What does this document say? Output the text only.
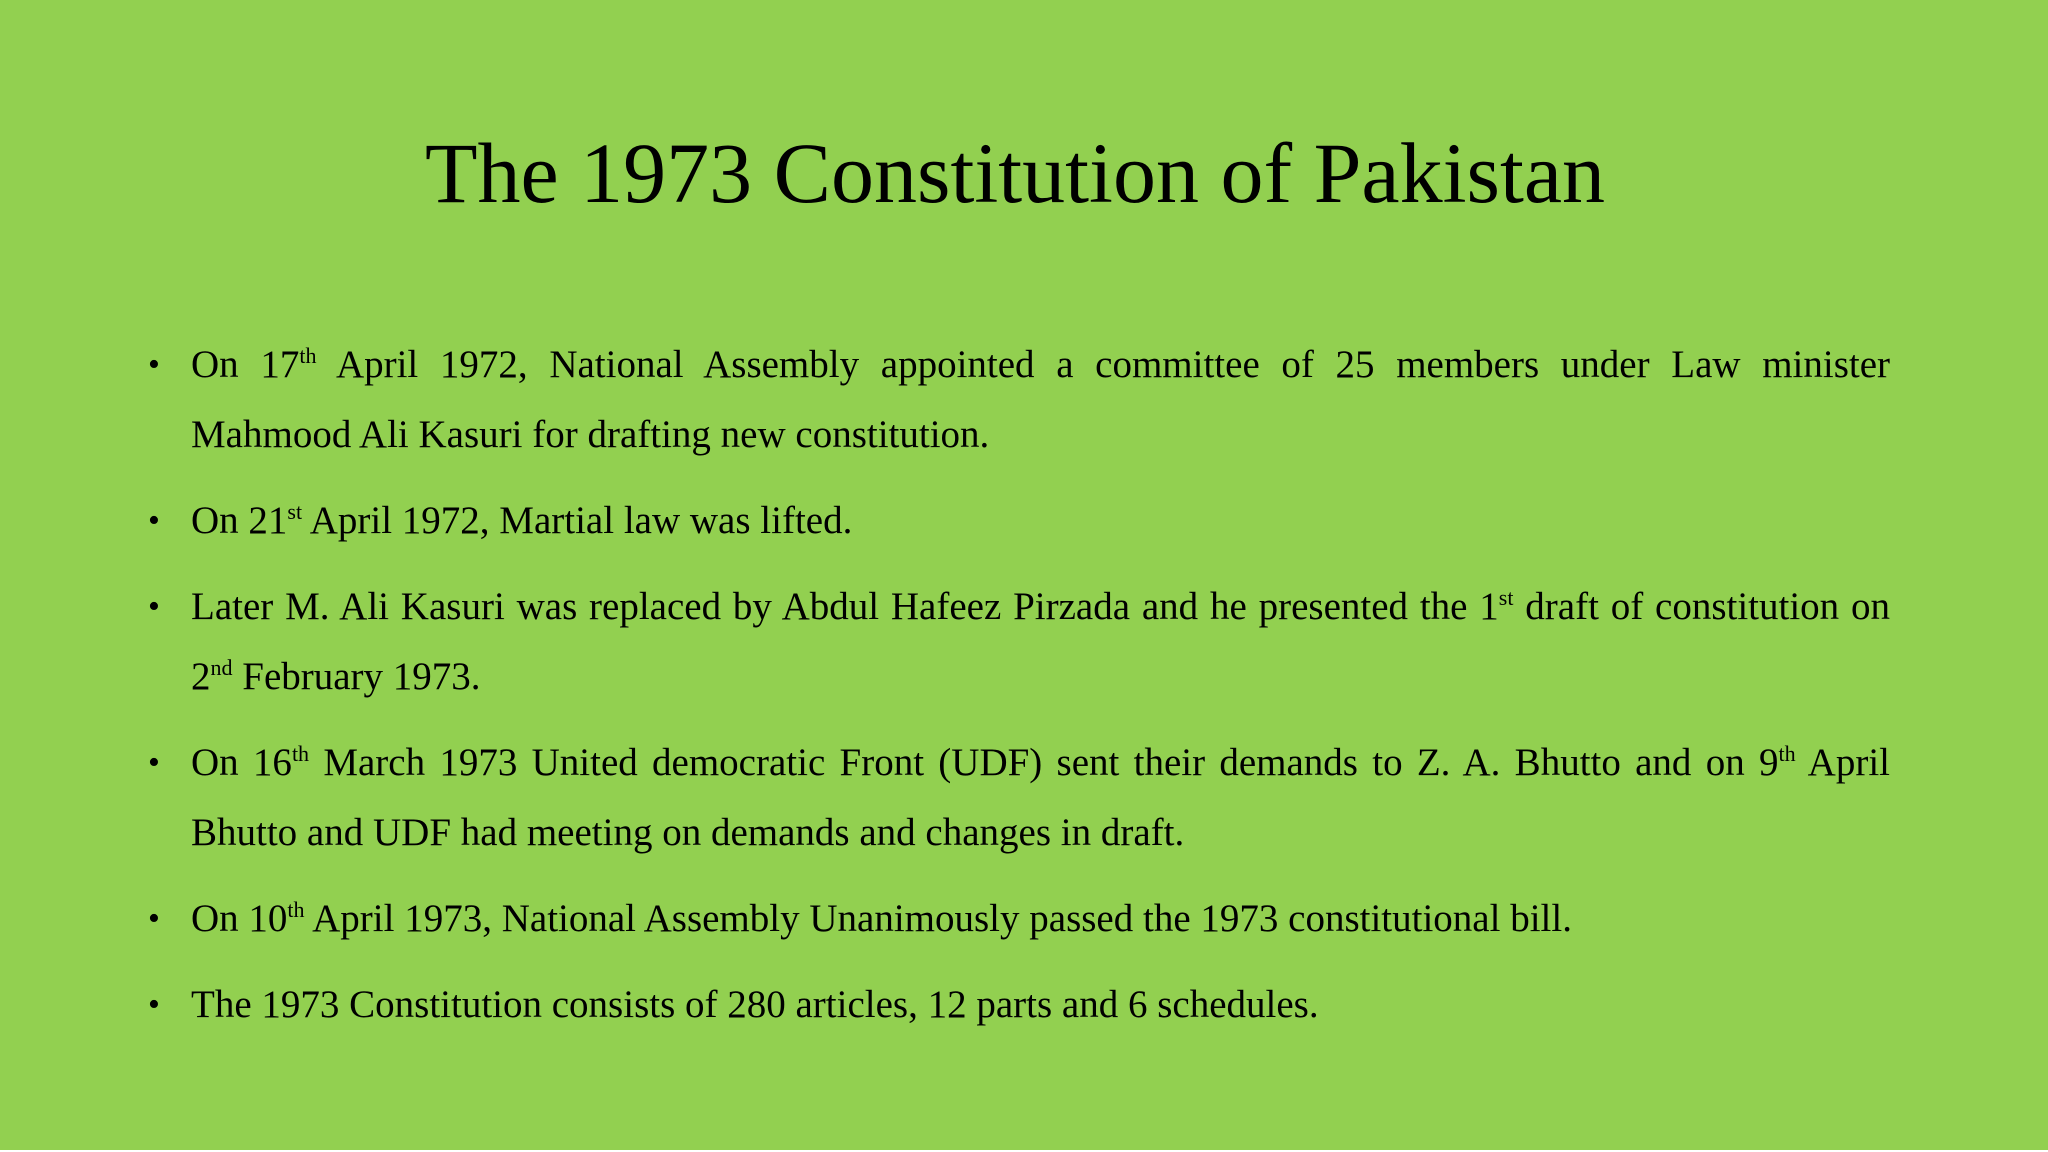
The 1973 Constitution of Pakistan
• On 17th April 1972, National Assembly appointed a committee of 25 members under Law minister Mahmood Ali Kasuri for drafting new constitution.
• On 21st April 1972, Martial law was lifted.
• Later M. Ali Kasuri was replaced by Abdul Hafeez Pirzada and he presented the 1st draft of constitution on 2nd February 1973.
• On 16th March 1973 United democratic Front (UDF) sent their demands to Z. A. Bhutto and on 9th April Bhutto and UDF had meeting on demands and changes in draft.
• On 10th April 1973, National Assembly Unanimously passed the 1973 constitutional bill.
• The 1973 Constitution consists of 280 articles, 12 parts and 6 schedules.
